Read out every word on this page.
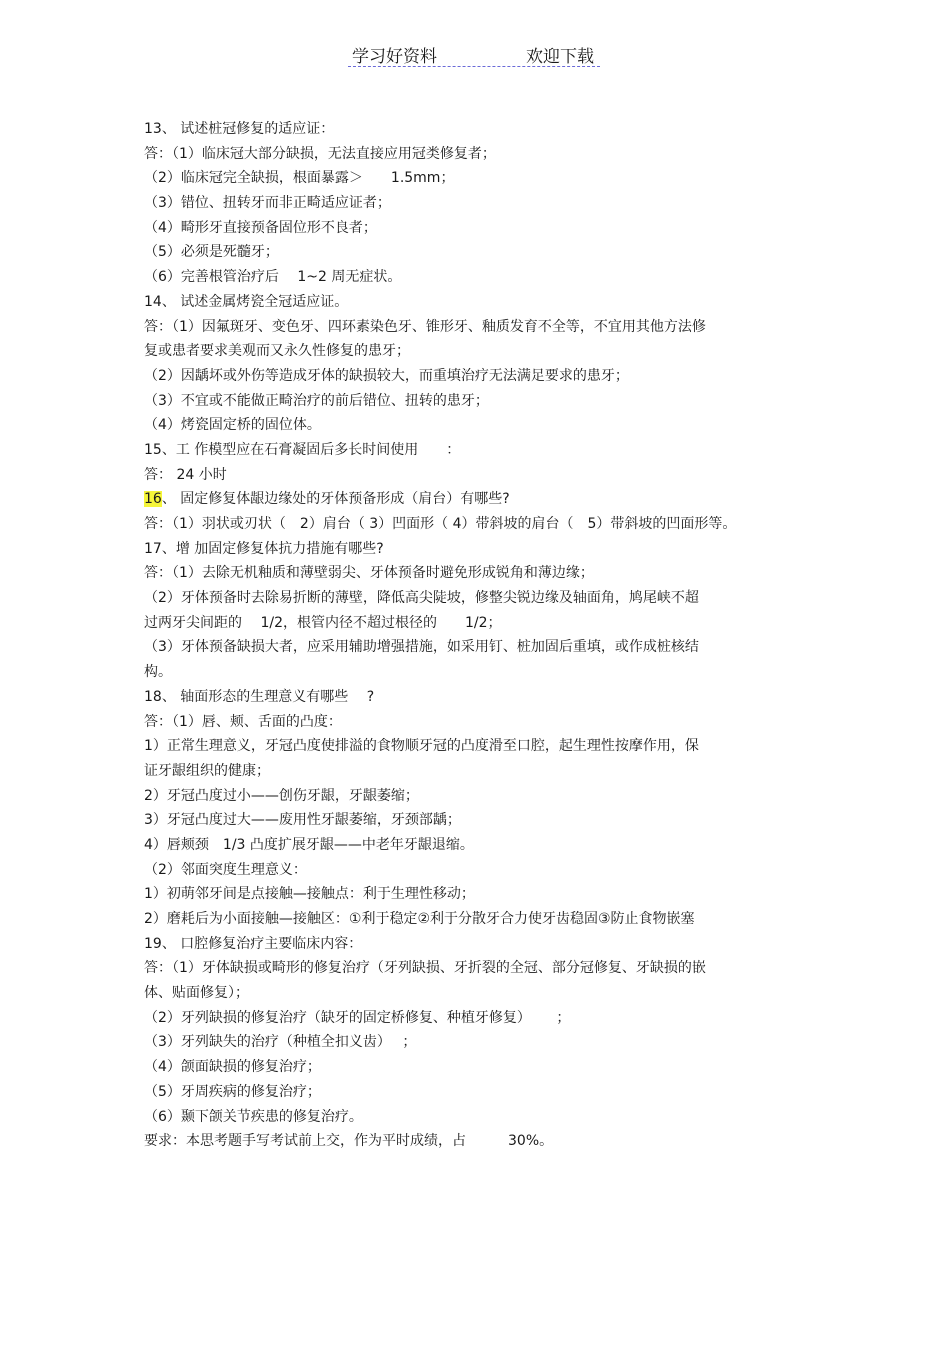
学习好资料	欢迎下载
13、 试述桩冠修复的适应证：
答：（1）临床冠大部分缺损，无法直接应用冠类修复者；
（2）临床冠完全缺损，根面暴露＞　　1.5mm；
（3）错位、扭转牙而非正畸适应证者；
（4）畸形牙直接预备固位形不良者；
（5）必须是死髓牙；
（6）完善根管治疗后　 1~2 周无症状。
14、 试述金属烤瓷全冠适应证。
答：（1）因氟斑牙、变色牙、四环素染色牙、锥形牙、釉质发育不全等，不宜用其他方法修
复或患者要求美观而又永久性修复的患牙；
（2）因龋坏或外伤等造成牙体的缺损较大，而重填治疗无法满足要求的患牙；
（3）不宜或不能做正畸治疗的前后错位、扭转的患牙；
（4）烤瓷固定桥的固位体。
15、工 作模型应在石膏凝固后多长时间使用　　：
答： 24 小时
16、 固定修复体龈边缘处的牙体预备形成（肩台）有哪些?
答：（1）羽状或刃状（　2）肩台（ 3）凹面形（ 4）带斜坡的肩台（　5）带斜坡的凹面形等。
17、增 加固定修复体抗力措施有哪些?
答：（1）去除无机釉质和薄壁弱尖、牙体预备时避免形成锐角和薄边缘；
（2）牙体预备时去除易折断的薄壁，降低高尖陡坡，修整尖锐边缘及轴面角，鸠尾峡不超
过两牙尖间距的　 1/2，根管内径不超过根径的　　1/2；
（3）牙体预备缺损大者，应采用辅助增强措施，如采用钉、桩加固后重填，或作成桩核结
构。
18、 轴面形态的生理意义有哪些　 ?
答：（1）唇、颊、舌面的凸度：
1）正常生理意义，牙冠凸度使排溢的食物顺牙冠的凸度滑至口腔，起生理性按摩作用，保
证牙龈组织的健康；
2）牙冠凸度过小——创伤牙龈，牙龈萎缩；
3）牙冠凸度过大——废用性牙龈萎缩，牙颈部龋；
4）唇颊颈　1/3 凸度扩展牙龈——中老年牙龈退缩。
（2）邻面突度生理意义：
1）初萌邻牙间是点接触—接触点：利于生理性移动；
2）磨耗后为小面接触—接触区：①利于稳定②利于分散牙合力使牙齿稳固③防止食物嵌塞
19、 口腔修复治疗主要临床内容：
答：（1）牙体缺损或畸形的修复治疗（牙列缺损、牙折裂的全冠、部分冠修复、牙缺损的嵌
体、贴面修复）；
（2）牙列缺损的修复治疗（缺牙的固定桥修复、种植牙修复）　　 ；
（3）牙列缺失的治疗（种植全扣义齿）　 ；
（4）颌面缺损的修复治疗；
（5）牙周疾病的修复治疗；
（6）颞下颌关节疾患的修复治疗。
要求：本思考题手写考试前上交，作为平时成绩，占　　　30%。
